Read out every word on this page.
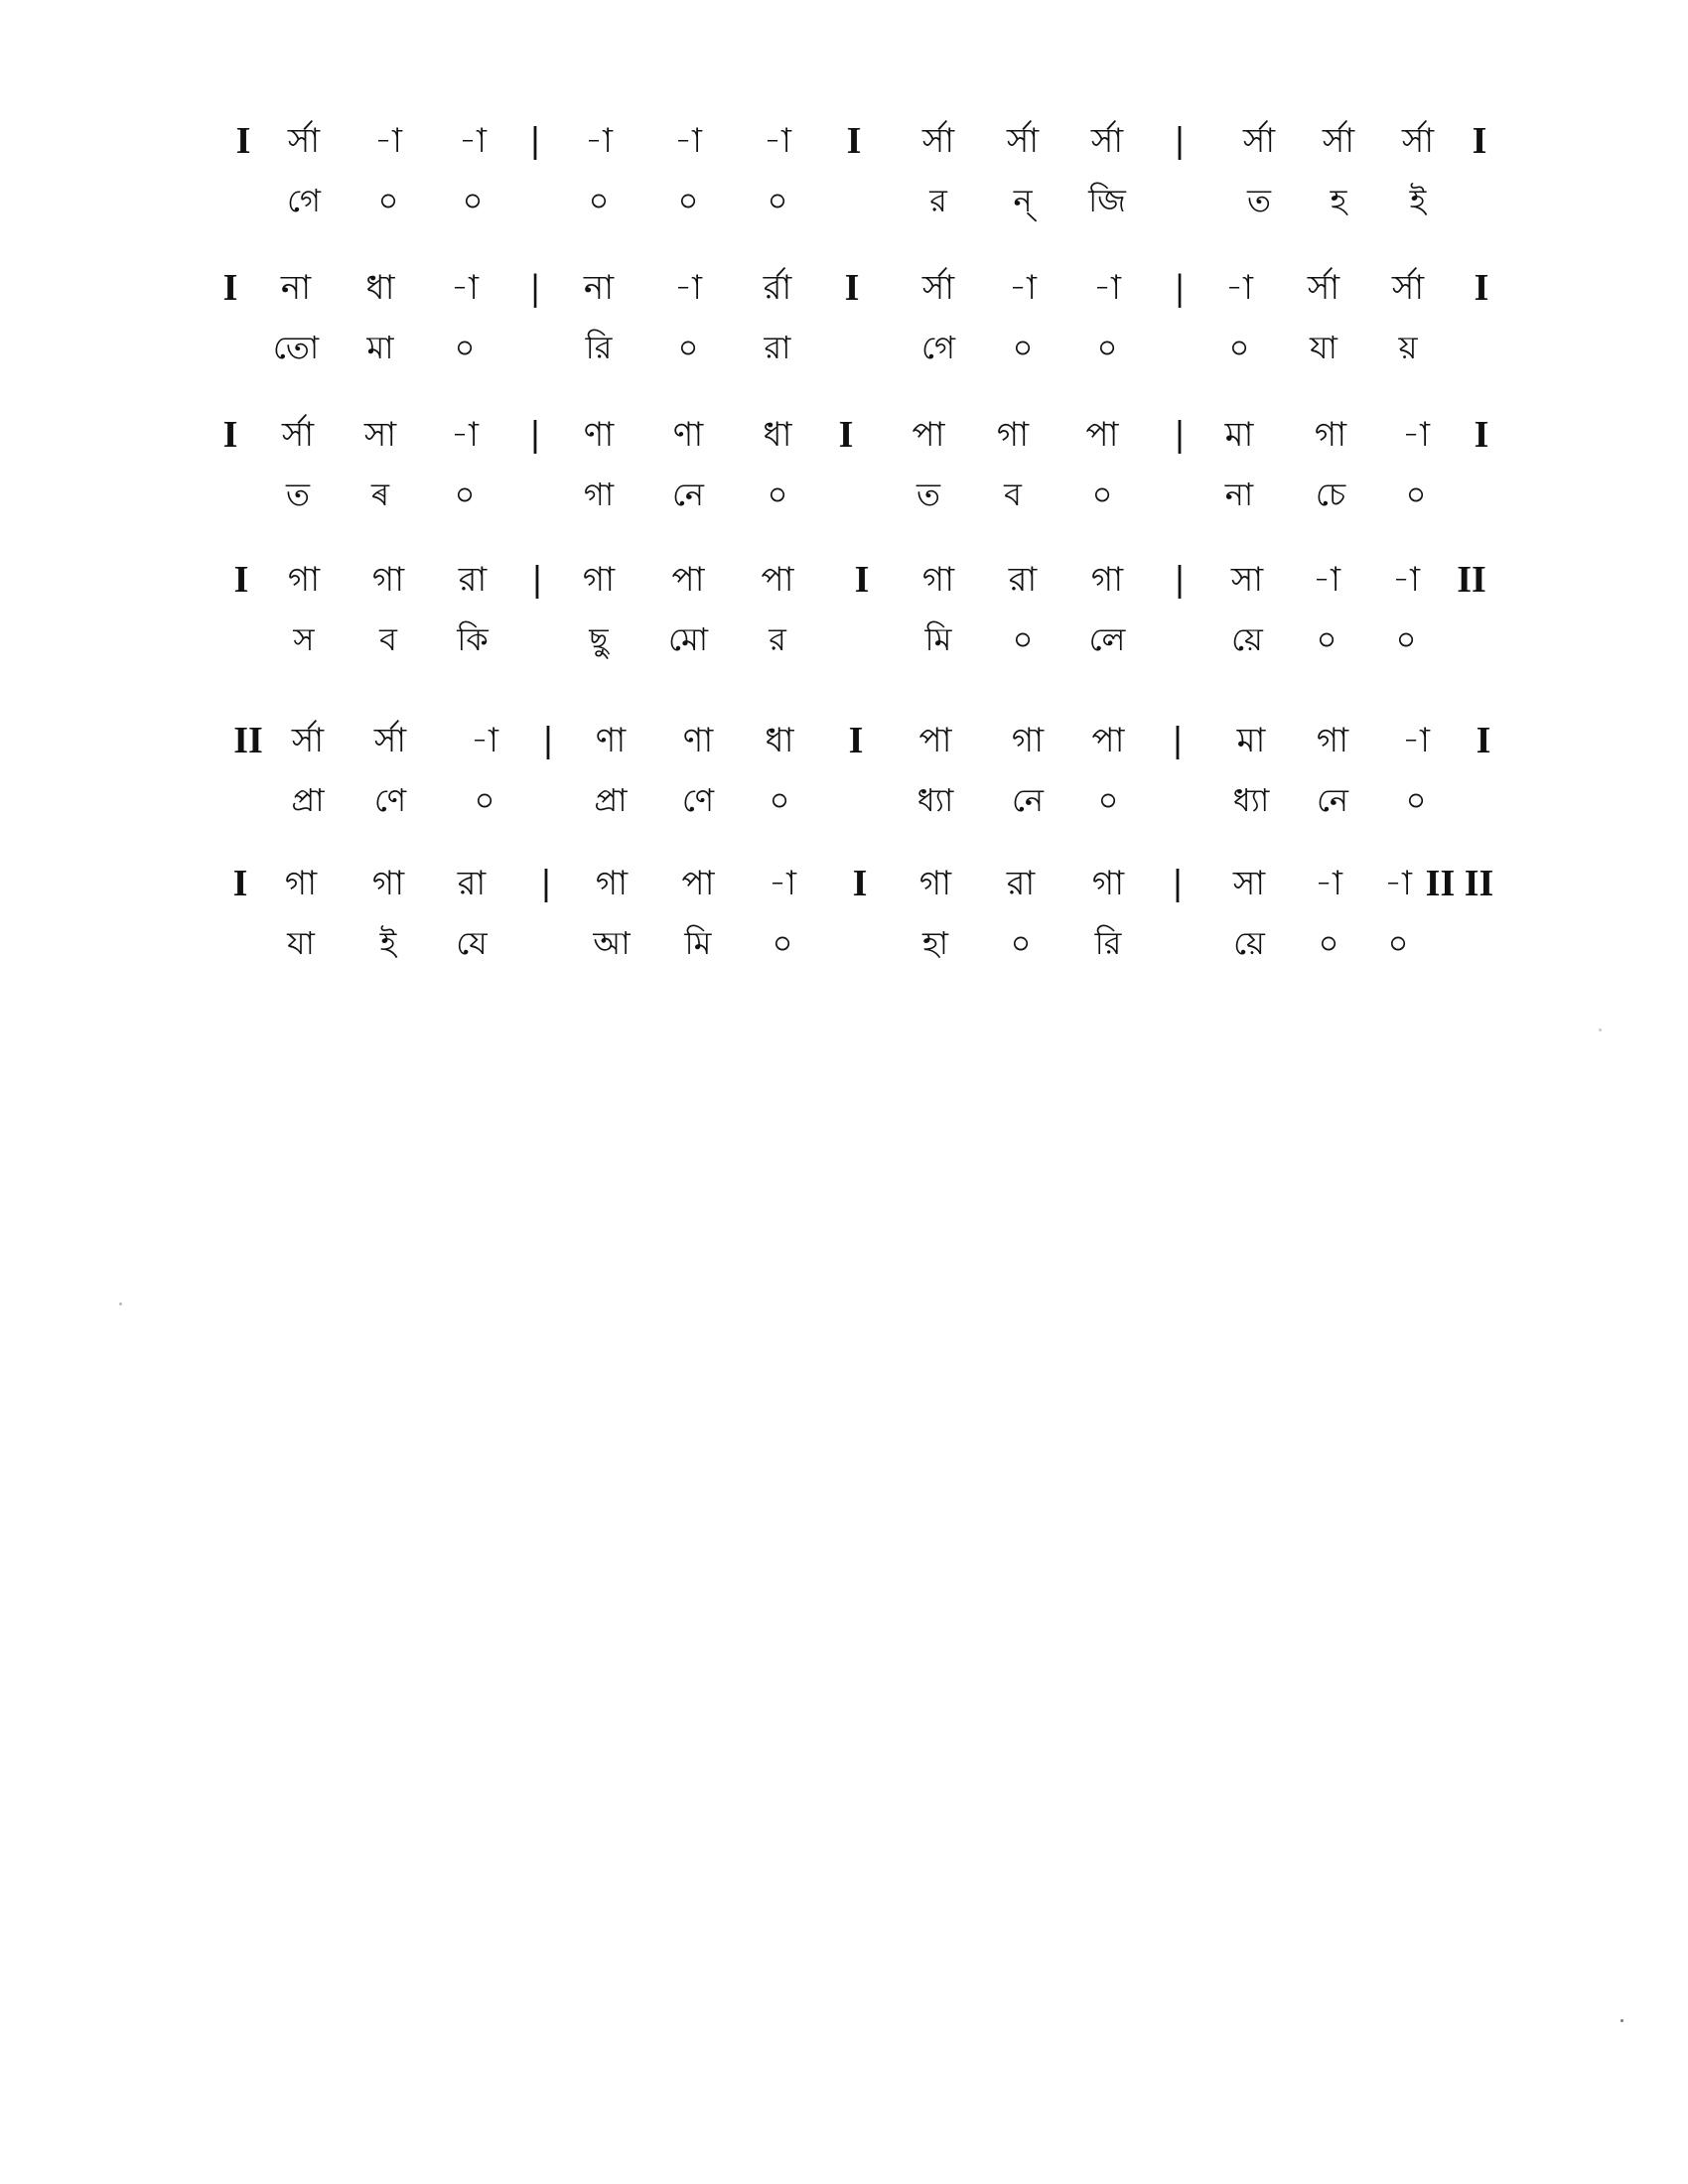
I	র্সা	-া	-া	|	-া	-া	-া	I	র্সা	র্সা	র্সা	|	র্সা	র্সা	র্সা	I
গে	০	০	০	০	০	র	ন্	জি	ত	হ	ই
I	না	ধা	-া	|	না	-া	র্রা	I	র্সা	-া	-া	|	-া	র্সা	র্সা	I
তো	মা	০	রি	০	রা	গে	০	০	০	যা	য়
I	র্সা	সা	-া	|	ণা	ণা	ধা	I	পা	গা	পা	|	মা	গা	-া	I
ত	ৰ	০	গা	নে	০	ত	ব	০	না	চে	০
I	গা	গা	রা	|	গা	পা	পা	I	গা	রা	গা	|	সা	-া	-া II
স	ব	কি	ছু	মো	র	মি	০	লে	য়ে	০	০
II র্সা	র্সা	-া	|	ণা	ণা	ধা	I	পা	গা	পা	|	মা	গা	-া	I
প্রা	ণে	০	প্রা	ণে	০	ধ্যা	নে	০	ধ্যা	নে	০
I	গা	গা	রা	|	গা	পা	-া	I	গা	রা	গা	|	সা	-া	-া II II
যা	ই	যে	আ	মি	০	হা	০	রি	য়ে	০	০
